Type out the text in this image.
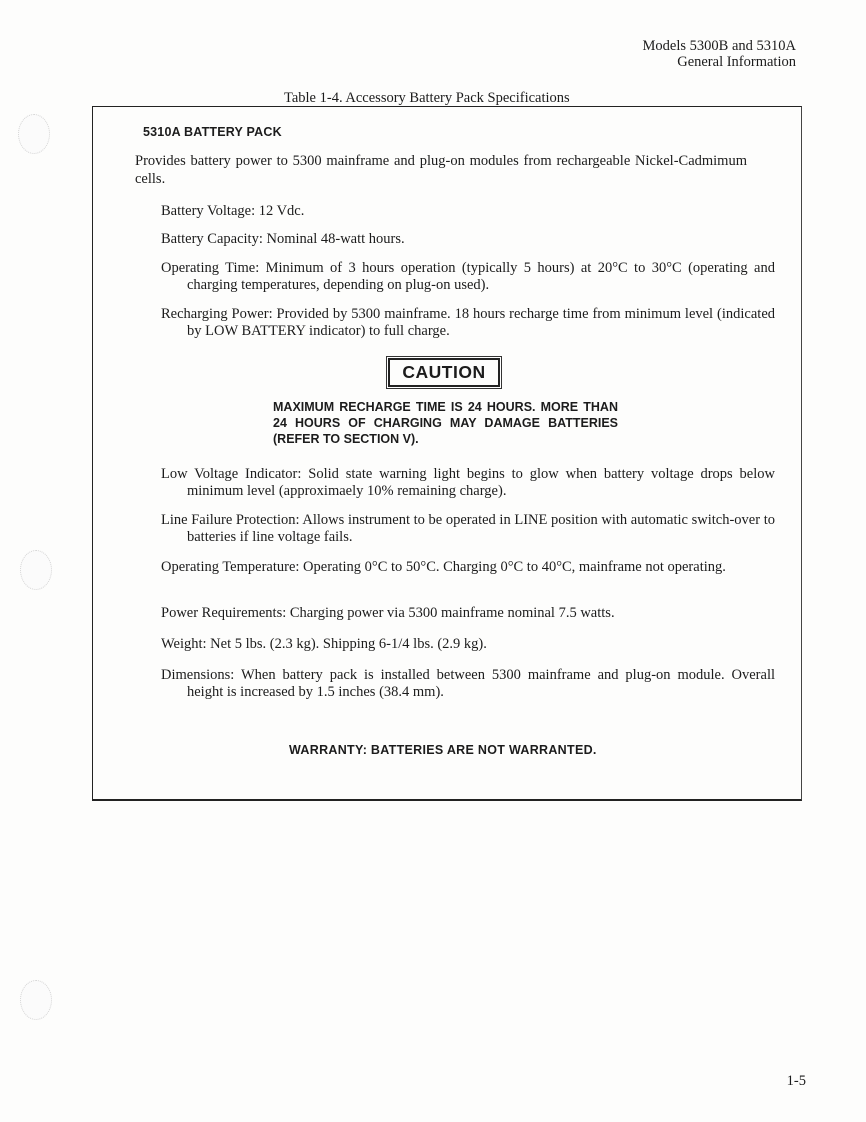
Models 5300B and 5310A
General Information
Table 1-4. Accessory Battery Pack Specifications
5310A BATTERY PACK
Provides battery power to 5300 mainframe and plug-on modules from rechargeable Nickel-Cadmimum cells.
Battery Voltage: 12 Vdc.
Battery Capacity: Nominal 48-watt hours.
Operating Time: Minimum of 3 hours operation (typically 5 hours) at 20°C to 30°C (operating and charging temperatures, depending on plug-on used).
Recharging Power: Provided by 5300 mainframe. 18 hours recharge time from minimum level (indicated by LOW BATTERY indicator) to full charge.
CAUTION
MAXIMUM RECHARGE TIME IS 24 HOURS. MORE THAN 24 HOURS OF CHARGING MAY DAMAGE BATTERIES (REFER TO SECTION V).
Low Voltage Indicator: Solid state warning light begins to glow when battery voltage drops below minimum level (approximaely 10% remaining charge).
Line Failure Protection: Allows instrument to be operated in LINE position with automatic switch-over to batteries if line voltage fails.
Operating Temperature: Operating 0°C to 50°C. Charging 0°C to 40°C, mainframe not operating.
Power Requirements: Charging power via 5300 mainframe nominal 7.5 watts.
Weight: Net 5 lbs. (2.3 kg). Shipping 6-1/4 lbs. (2.9 kg).
Dimensions: When battery pack is installed between 5300 mainframe and plug-on module. Overall height is increased by 1.5 inches (38.4 mm).
WARRANTY: BATTERIES ARE NOT WARRANTED.
1-5
